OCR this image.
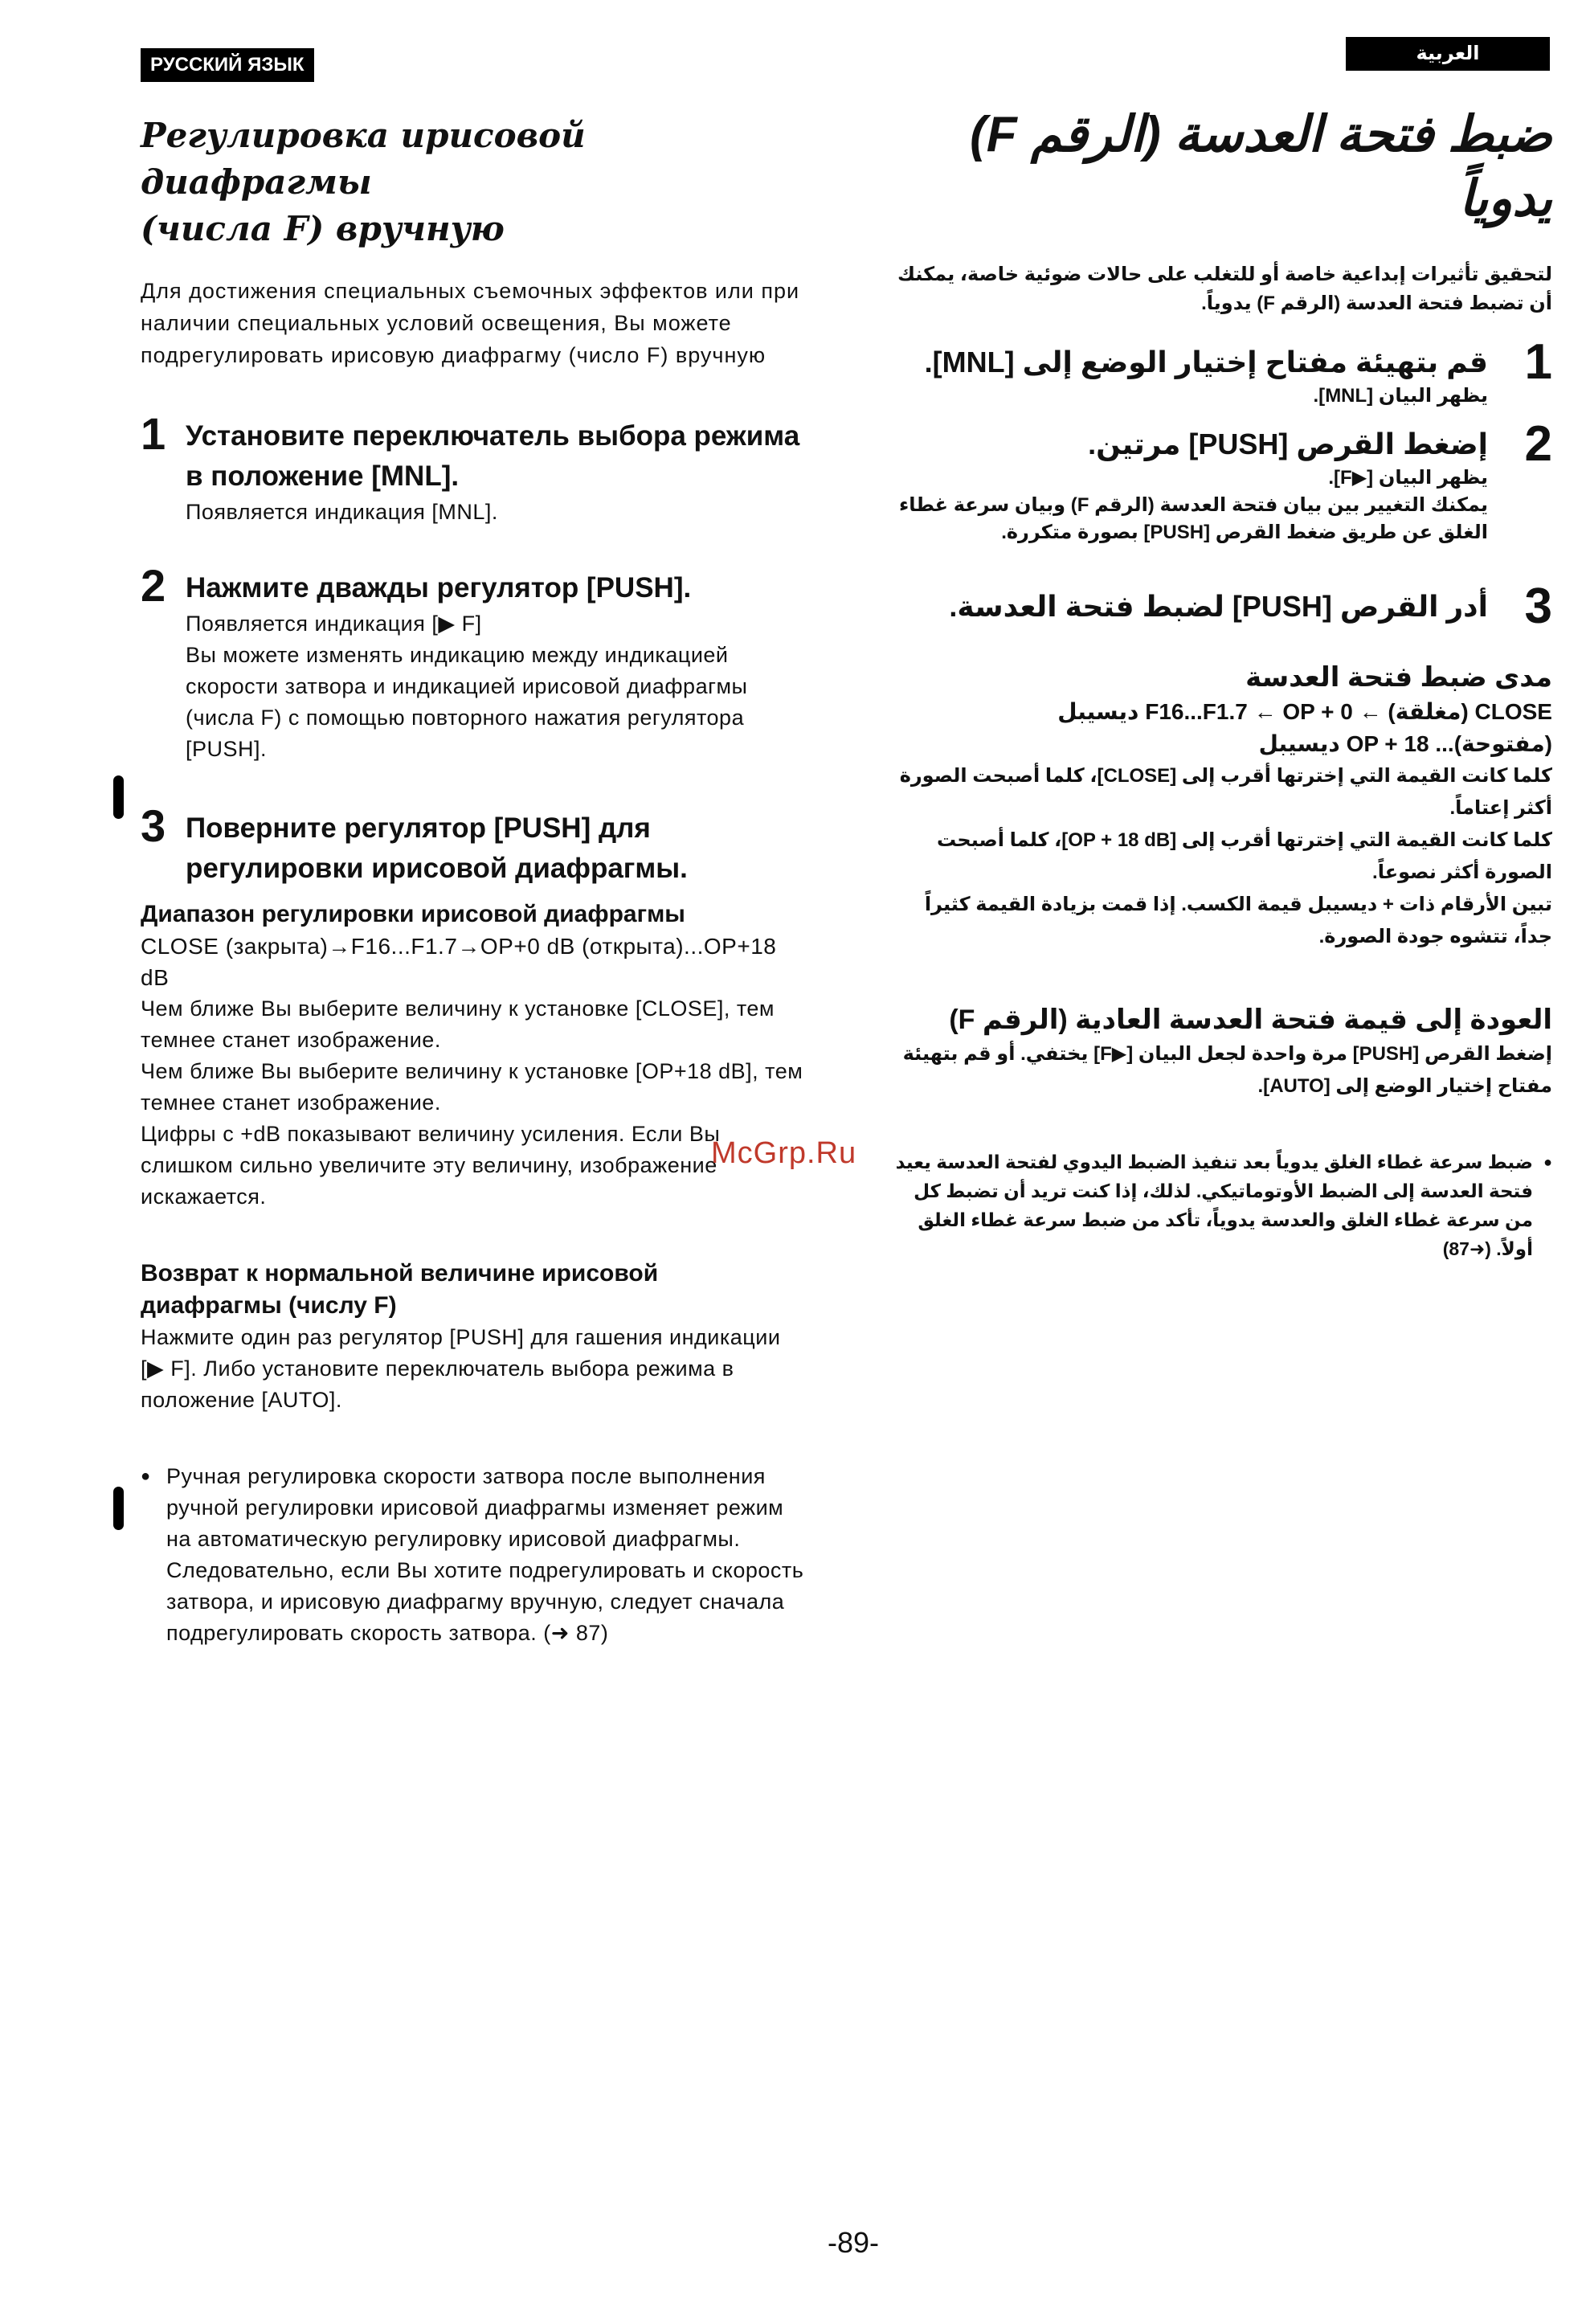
РУССКИЙ ЯЗЫК
العربية
Регулировка ирисовой диафрагмы
(числа F) вручную

Для достижения специальных съемочных эффектов или при наличии специальных условий освещения, Вы можете подрегулировать ирисовую диафрагму (число F) вручную

1 Установите переключатель выбора режима в положение [MNL].
Появляется индикация [MNL].
2 Нажмите дважды регулятор [PUSH].
Появляется индикация [▶ F]
Вы можете изменять индикацию между индикацией скорости затвора и индикацией ирисовой диафрагмы (числа F) с помощью повторного нажатия регулятора [PUSH].
3 Поверните регулятор [PUSH] для регулировки ирисовой диафрагмы.
Диапазон регулировки ирисовой диафрагмы
CLOSE (закрыта)→F16...F1.7→OP+0 dB (открыта)...OP+18 dB
Чем ближе Вы выберите величину к установке [CLOSE], тем темнее станет изображение.
Чем ближе Вы выберите величину к установке [OP+18 dB], тем темнее станет изображение.
Цифры с +dB показывают величину усиления. Если Вы слишком сильно увеличите эту величину, изображение искажается.
Возврат к нормальной величине ирисовой
диафрагмы (числу F)
Нажмите один раз регулятор [PUSH] для гашения индикации [▶ F]. Либо установите переключатель выбора режима в положение [AUTO].
● Ручная регулировка скорости затвора после выполнения ручной регулировки ирисовой диафрагмы изменяет режим на автоматическую регулировку ирисовой диафрагмы. Следовательно, если Вы хотите подрегулировать и скорость затвора, и ирисовую диафрагму вручную, следует сначала подрегулировать скорость затвора. (➜ 87)
ضبط فتحة العدسة (الرقم F) يدوياً
لتحقيق تأثيرات إبداعية خاصة أو للتغلب على حالات ضوئية خاصة، يمكنك أن تضبط فتحة العدسة (الرقم F) يدوياً.
1
قم بتهيئة مفتاح إختيار الوضع إلى [MNL].
يظهر البيان [MNL].
2
إضغط القرص [PUSH] مرتين.
يظهر البيان [▶F].
يمكنك التغيير بين بيان فتحة العدسة (الرقم F) وبيان سرعة غطاء الغلق عن طريق ضغط القرص [PUSH] بصورة متكررة.
3
أدر القرص [PUSH] لضبط فتحة العدسة.
مدى ضبط فتحة العدسة
CLOSE (مغلقة) ← F16...F1.7 ← OP + 0 ديسيبل
(مفتوحة)... OP + 18 ديسيبل
كلما كانت القيمة التي إخترتها أقرب إلى [CLOSE]، كلما أصبحت الصورة أكثر إعتاماً.
كلما كانت القيمة التي إخترتها أقرب إلى [OP + 18 dB]، كلما أصبحت الصورة أكثر نصوعاً.
تبين الأرقام ذات + ديسيبل قيمة الكسب. إذا قمت بزيادة القيمة كثيراً جداً، تتشوه جودة الصورة.
العودة إلى قيمة فتحة العدسة العادية (الرقم F)
إضغط القرص [PUSH] مرة واحدة لجعل البيان [▶F] يختفي. أو قم بتهيئة مفتاح إختيار الوضع إلى [AUTO].
● ضبط سرعة غطاء الغلق يدوياً بعد تنفيذ الضبط اليدوي لفتحة العدسة يعيد فتحة العدسة إلى الضبط الأوتوماتيكي. لذلك، إذا كنت تريد أن تضبط كل من سرعة غطاء الغلق والعدسة يدوياً، تأكد من ضبط سرعة غطاء الغلق أولاً. (➜87)
McGrp.Ru
-89-
